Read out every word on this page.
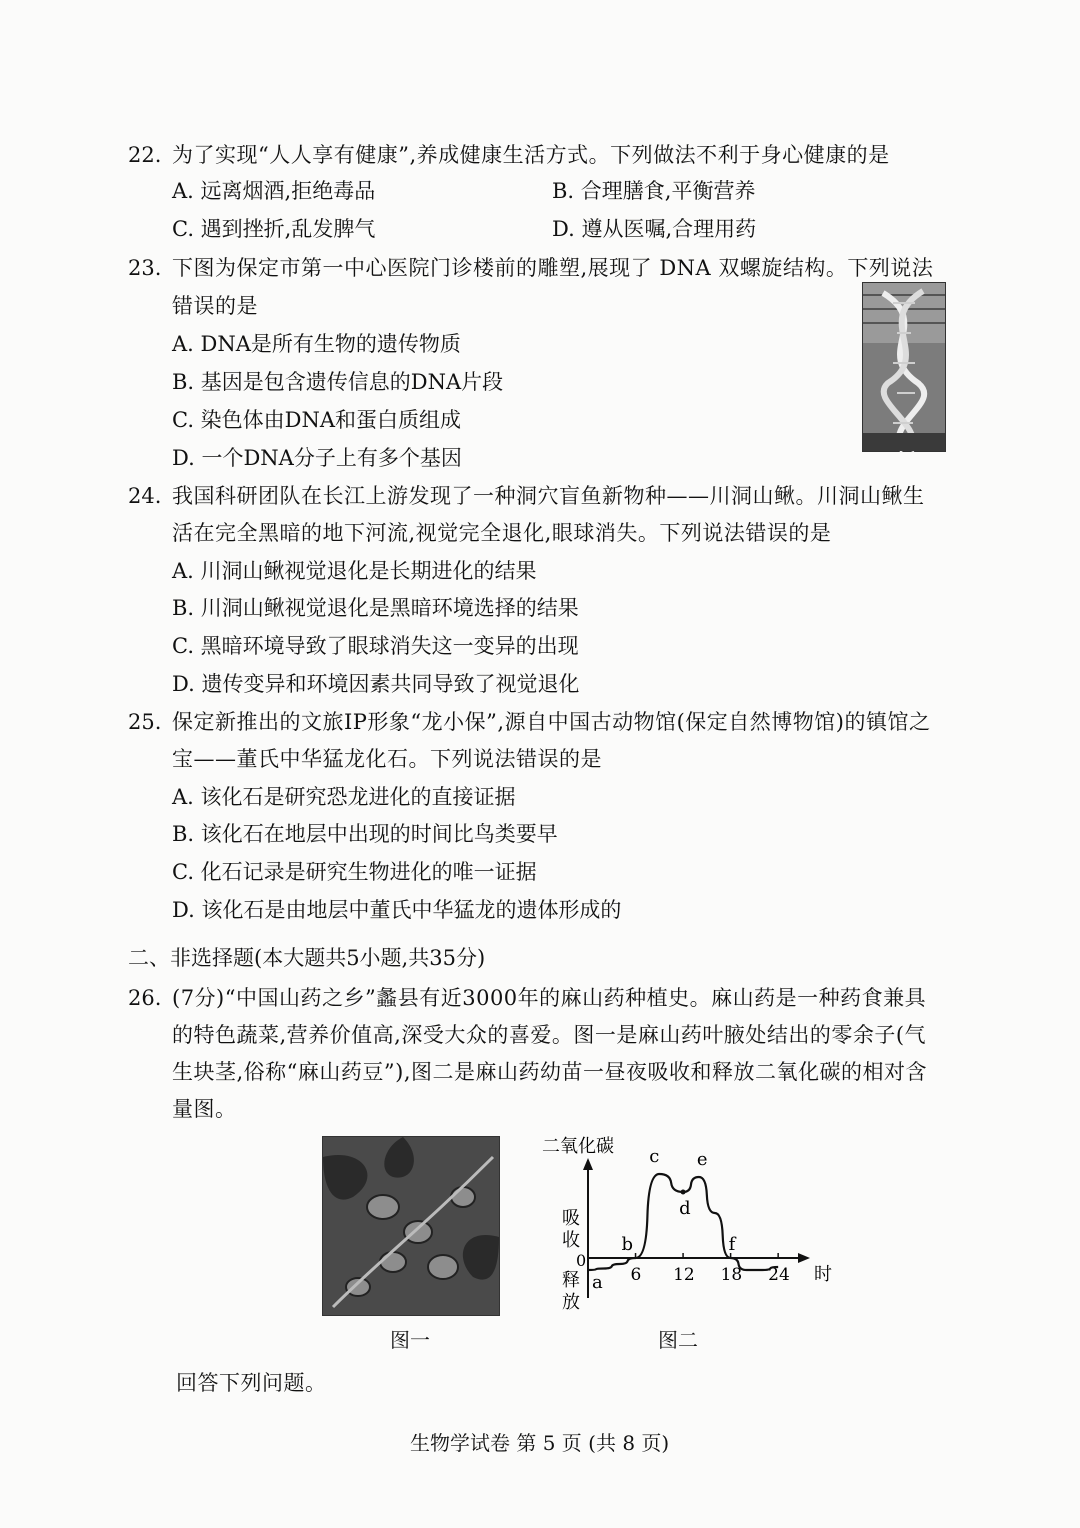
22. 为了实现“人人享有健康”,养成健康生活方式。下列做法不利于身心健康的是
A. 远离烟酒,拒绝毒品	B. 合理膳食,平衡营养
C. 遇到挫折,乱发脾气	D. 遵从医嘱,合理用药
23. 下图为保定市第一中心医院门诊楼前的雕塑,展现了 DNA 双螺旋结构。下列说法
错误的是
A. DNA是所有生物的遗传物质
B. 基因是包含遗传信息的DNA片段
C. 染色体由DNA和蛋白质组成
D. 一个DNA分子上有多个基因
24. 我国科研团队在长江上游发现了一种洞穴盲鱼新物种——川洞山鳅。川洞山鳅生
活在完全黑暗的地下河流,视觉完全退化,眼球消失。下列说法错误的是
A. 川洞山鳅视觉退化是长期进化的结果
B. 川洞山鳅视觉退化是黑暗环境选择的结果
C. 黑暗环境导致了眼球消失这一变异的出现
D. 遗传变异和环境因素共同导致了视觉退化
25. 保定新推出的文旅IP形象“龙小保”,源自中国古动物馆(保定自然博物馆)的镇馆之
宝——董氏中华猛龙化石。下列说法错误的是
A. 该化石是研究恐龙进化的直接证据
B. 该化石在地层中出现的时间比鸟类要早
C. 化石记录是研究生物进化的唯一证据
D. 该化石是由地层中董氏中华猛龙的遗体形成的
二、非选择题(本大题共5小题,共35分)
26. (7分)“中国山药之乡”蠡县有近3000年的麻山药种植史。麻山药是一种药食兼具
的特色蔬菜,营养价值高,深受大众的喜爱。图一是麻山药叶腋处结出的零余子(气
生块茎,俗称“麻山药豆”),图二是麻山药幼苗一昼夜吸收和释放二氧化碳的相对含
量图。
图一
二氧化碳
吸
收
释
放
0
6 12 18 24
a
b
c
d
e
f
时
图二
回答下列问题。
生物学试卷 第 5 页 (共 8 页)
